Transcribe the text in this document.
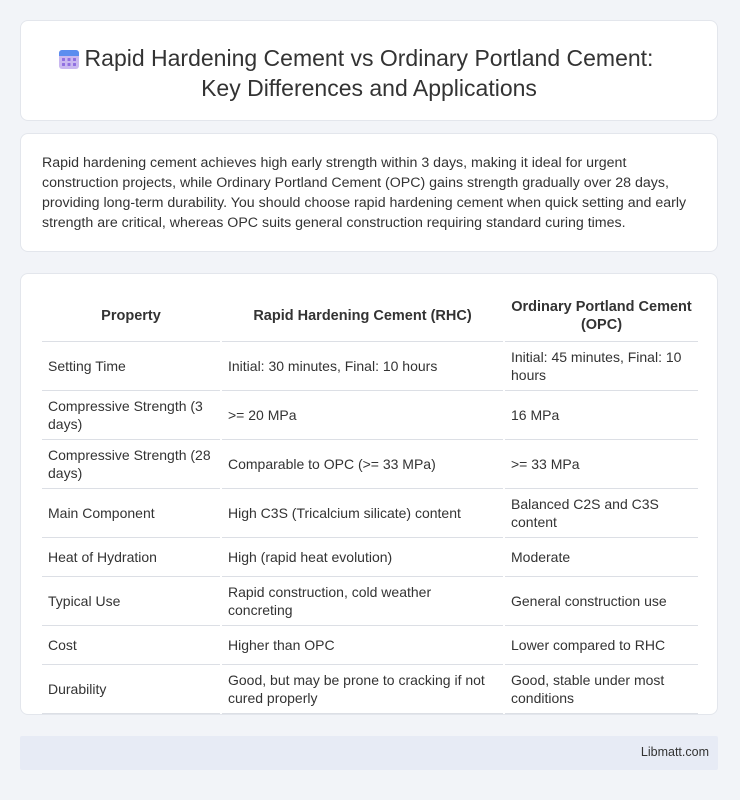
Rapid Hardening Cement vs Ordinary Portland Cement:
Key Differences and Applications

Rapid hardening cement achieves high early strength within 3 days, making it ideal for urgent construction projects, while Ordinary Portland Cement (OPC) gains strength gradually over 28 days, providing long-term durability. You should choose rapid hardening cement when quick setting and early strength are critical, whereas OPC suits general construction requiring standard curing times.

Property	Rapid Hardening Cement (RHC)	Ordinary Portland Cement (OPC)
Setting Time	Initial: 30 minutes, Final: 10 hours	Initial: 45 minutes, Final: 10 hours
Compressive Strength (3 days)	>= 20 MPa	16 MPa
Compressive Strength (28 days)	Comparable to OPC (>= 33 MPa)	>= 33 MPa
Main Component	High C3S (Tricalcium silicate) content	Balanced C2S and C3S content
Heat of Hydration	High (rapid heat evolution)	Moderate
Typical Use	Rapid construction, cold weather concreting	General construction use
Cost	Higher than OPC	Lower compared to RHC
Durability	Good, but may be prone to cracking if not cured properly	Good, stable under most conditions
Libmatt.com
